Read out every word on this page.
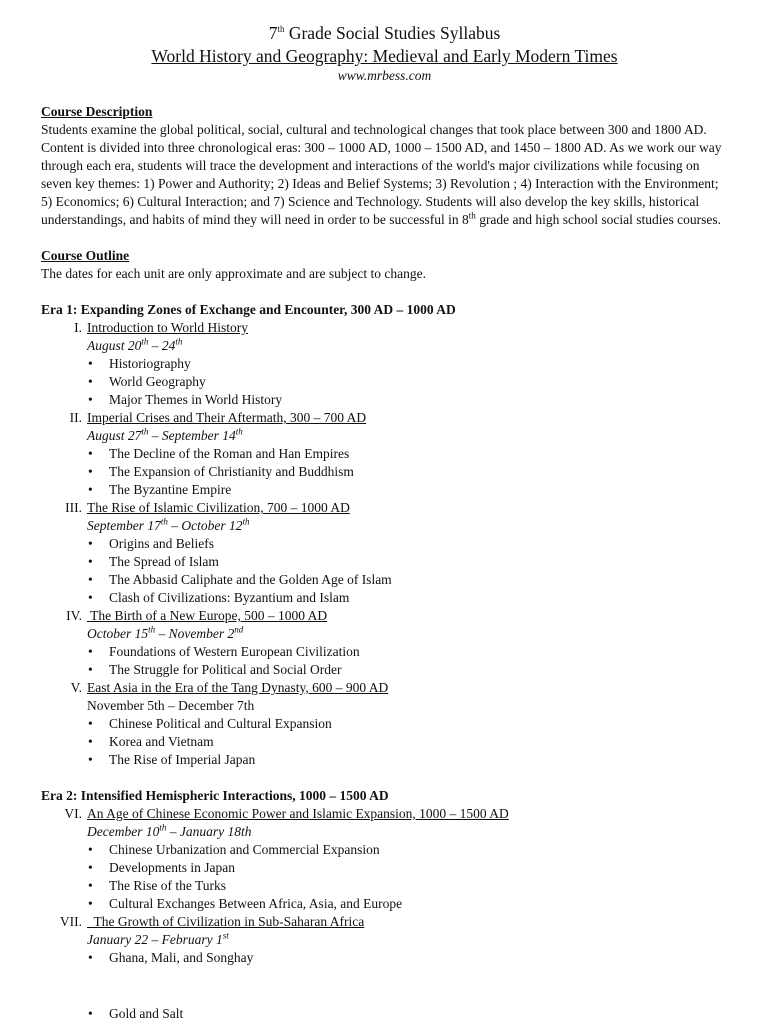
7th Grade Social Studies Syllabus

World History and Geography: Medieval and Early Modern Times

www.mrbess.com

Course Description

Students examine the global political, social, cultural and technological changes that took place between 300 and 1800 AD. Content is divided into three chronological eras: 300 – 1000 AD, 1000 – 1500 AD, and 1450 – 1800 AD. As we work our way through each era, students will trace the development and interactions of the world's major civilizations while focusing on seven key themes: 1) Power and Authority; 2) Ideas and Belief Systems; 3) Revolution ; 4) Interaction with the Environment; 5) Economics; 6) Cultural Interaction; and 7) Science and Technology. Students will also develop the key skills, historical understandings, and habits of mind they will need in order to be successful in 8th grade and high school social studies courses.

Course Outline

The dates for each unit are only approximate and are subject to change.

Era 1: Expanding Zones of Exchange and Encounter, 300 AD – 1000 AD

I. Introduction to World History

August 20th – 24th

• Historiography
• World Geography
• Major Themes in World History
II. Imperial Crises and Their Aftermath, 300 – 700 AD

August 27th – September 14th

• The Decline of the Roman and Han Empires
• The Expansion of Christianity and Buddhism
• The Byzantine Empire
III. The Rise of Islamic Civilization, 700 – 1000 AD

September 17th – October 12th

• Origins and Beliefs
• The Spread of Islam
• The Abbasid Caliphate and the Golden Age of Islam
• Clash of Civilizations: Byzantium and Islam
IV. The Birth of a New Europe, 500 – 1000 AD

October 15th – November 2nd

• Foundations of Western European Civilization
• The Struggle for Political and Social Order
V. East Asia in the Era of the Tang Dynasty, 600 – 900 AD

November 5th – December 7th

• Chinese Political and Cultural Expansion
• Korea and Vietnam
• The Rise of Imperial Japan

Era 2: Intensified Hemispheric Interactions, 1000 – 1500 AD

VI. An Age of Chinese Economic Power and Islamic Expansion, 1000 – 1500 AD

December 10th – January 18th

• Chinese Urbanization and Commercial Expansion
• Developments in Japan
• The Rise of the Turks
• Cultural Exchanges Between Africa, Asia, and Europe
VII. The Growth of Civilization in Sub-Saharan Africa

January 22 – February 1st

• Ghana, Mali, and Songhay
• Gold and Salt
